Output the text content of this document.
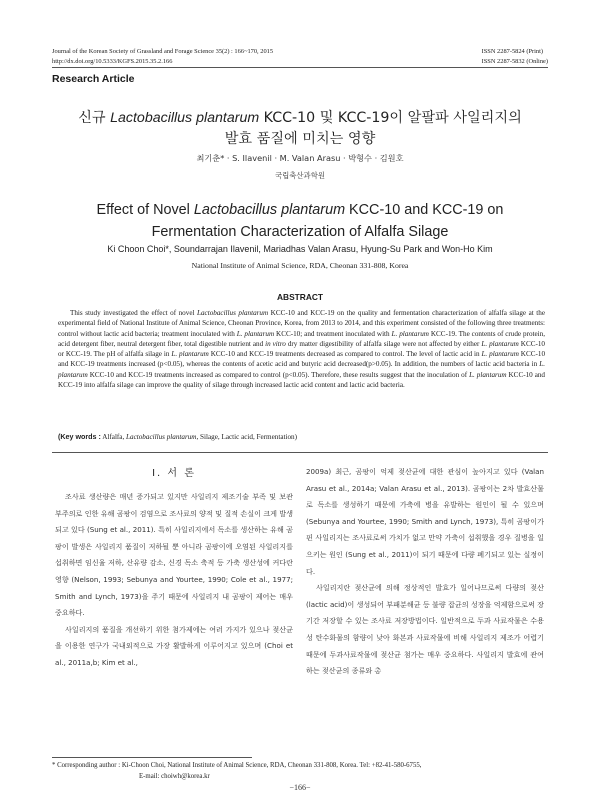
Journal of the Korean Society of Grassland and Forage Science 35(2) : 166~170, 2015
http://dx.doi.org/10.5333/KGFS.2015.35.2.166
ISSN 2287-5824 (Print)
ISSN 2287-5832 (Online)
Research Article
신규 Lactobacillus plantarum KCC-10 및 KCC-19이 알팔파 사일리지의
발효 품질에 미치는 영향
최기춘* · S. Ilavenil · M. Valan Arasu · 박형수 · 김원호
국립축산과학원
Effect of Novel Lactobacillus plantarum KCC-10 and KCC-19 on
Fermentation Characterization of Alfalfa Silage
Ki Choon Choi*, Soundarrajan Ilavenil, Mariadhas Valan Arasu, Hyung-Su Park and Won-Ho Kim
National Institute of Animal Science, RDA, Cheonan 331-808, Korea
ABSTRACT

This study investigated the effect of novel Lactobacillus plantarum KCC-10 and KCC-19 on the quality and fermentation characterization of alfalfa silage at the experimental field of National Institute of Animal Science, Cheonan Province, Korea, from 2013 to 2014, and this experiment consisted of the following three treatments: control without lactic acid bacteria; treatment inoculated with L. plantarum KCC-10; and treatment inoculated with L. plantarum KCC-19. The contents of crude protein, acid detergent fiber, neutral detergent fiber, total digestible nutrient and in vitro dry matter digestibility of alfalfa silage were not affected by either L. plantarum KCC-10 or KCC-19. The pH of alfalfa silage in L. plantarum KCC-10 and KCC-19 treatments decreased as compared to control. The level of lactic acid in L. plantarum KCC-10 and KCC-19 treatments increased (p<0.05), whereas the contents of acetic acid and butyric acid decreased(p>0.05). In addition, the numbers of lactic acid bacteria in L. plantarum KCC-10 and KCC-19 treatments increased as compared to control (p<0.05). Therefore, these results suggest that the inoculation of L. plantarum KCC-10 and KCC-19 into alfalfa silage can improve the quality of silage through increased lactic acid content and lactic acid bacteria.

(Key words : Alfalfa, Lactobacillus plantarum, Silage, Lactic acid, Fermentation)
Ⅰ. 서 론

조사료 생산량은 매년 증가되고 있지만 사일리지 제조기술 부족 및 보관 부주의로 인한 유해 곰팡이 검염으로 조사료의 양적 및 질적 손실이 크게 발생되고 있다 (Sung et al., 2011). 특히 사일리지에서 독소를 생산하는 유해 곰팡이 발생은 사일리지 품질이 저하될 뿐 아니라 곰팡이에 오염된 사일리지를 섭취하면 임신율 저하, 산유량 감소, 신경 독소 축적 등 가축 생산성에 커다란 영향 (Nelson, 1993; Sebunya and Yourtee, 1990; Cole et al., 1977; Smith and Lynch, 1973)을 주기 때문에 사일리지 내 곰팡이 제어는 매우 중요하다.

사일리지의 품질을 개선하기 위한 첨가제에는 여러 가지가 있으나 젖산균을 이용한 연구가 국내외적으로 가장 활발하게 이루어지고 있으며 (Choi et al., 2011a,b; Kim et al.,

2009a) 최근, 곰팡이 억제 젖산균에 대한 관심이 높아지고 있다 (Valan Arasu et al., 2014a; Valan Arasu et al., 2013). 곰팡이는 2차 발효산물로 독소를 생성하기 때문에 가축에 병을 유발하는 원인이 될 수 있으며 (Sebunya and Yourtee, 1990; Smith and Lynch, 1973), 특히 곰팡이가 핀 사일리지는 조사료로써 가치가 없고 만약 가축이 섭취했을 경우 질병을 일으키는 원인 (Sung et al., 2011)이 되기 때문에 다량 폐기되고 있는 실정이다.

사일리지란 젖산균에 의해 정상적인 발효가 일어나므로써 다량의 젖산 (lactic acid)이 생성되어 부패분해균 등 불량 잡균의 성장을 억제함으로써 장기간 저장할 수 있는 조사료 저장방법이다. 일반적으로 두과 사료작물은 수용성 탄수화물의 함량이 낮아 화본과 사료작물에 비해 사일리지 제조가 어렵기 때문에 두과사료작물에 젖산균 첨가는 매우 중요하다. 사일리지 발효에 관여하는 젖산균의 종류와 총

* Corresponding author : Ki-Choon Choi, National Institute of Animal Science, RDA, Cheonan 331-808, Korea. Tel: +82-41-580-6755,
E-mail: choiwh@korea.kr
−166−
